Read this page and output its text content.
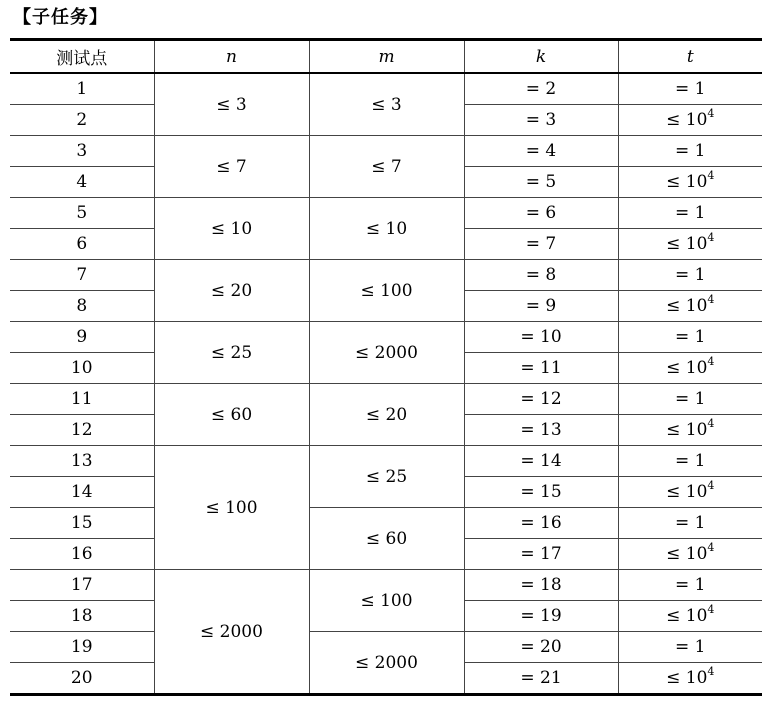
【子任务】
测试点	n	m	k	t
1	≤ 3	≤ 3	= 2	= 1
2			= 3	≤ $10^4$
3	≤ 7	≤ 7	= 4	= 1
4			= 5	≤ $10^4$
5	≤ 10	≤ 10	= 6	= 1
6			= 7	≤ $10^4$
7	≤ 20	≤ 100	= 8	= 1
8			= 9	≤ $10^4$
9	≤ 25	≤ 2000	= 10	= 1
10			= 11	≤ $10^4$
11	≤ 60	≤ 20	= 12	= 1
12			= 13	≤ $10^4$
13	≤ 100	≤ 25	= 14	= 1
14			= 15	≤ $10^4$
15		≤ 60	= 16	= 1
16			= 17	≤ $10^4$
17	≤ 2000	≤ 100	= 18	= 1
18			= 19	≤ $10^4$
19		≤ 2000	= 20	= 1
20			= 21	≤ $10^4$
